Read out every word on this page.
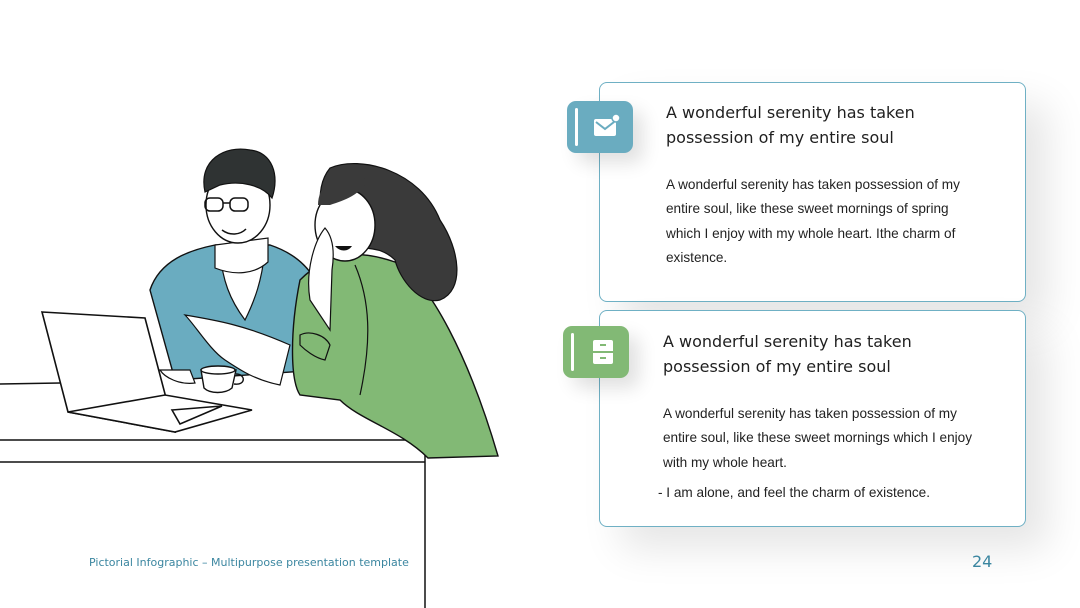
A wonderful serenity has taken possession of my entire soul

A wonderful serenity has taken possession of my entire soul, like these sweet mornings of spring which I enjoy with my whole heart. Ithe charm of existence.

A wonderful serenity has taken possession of my entire soul

A wonderful serenity has taken possession of my entire soul, like these sweet mornings which I enjoy with my whole heart.

- I am alone, and feel the charm of existence.

Pictorial Infographic – Multipurpose presentation template	24
